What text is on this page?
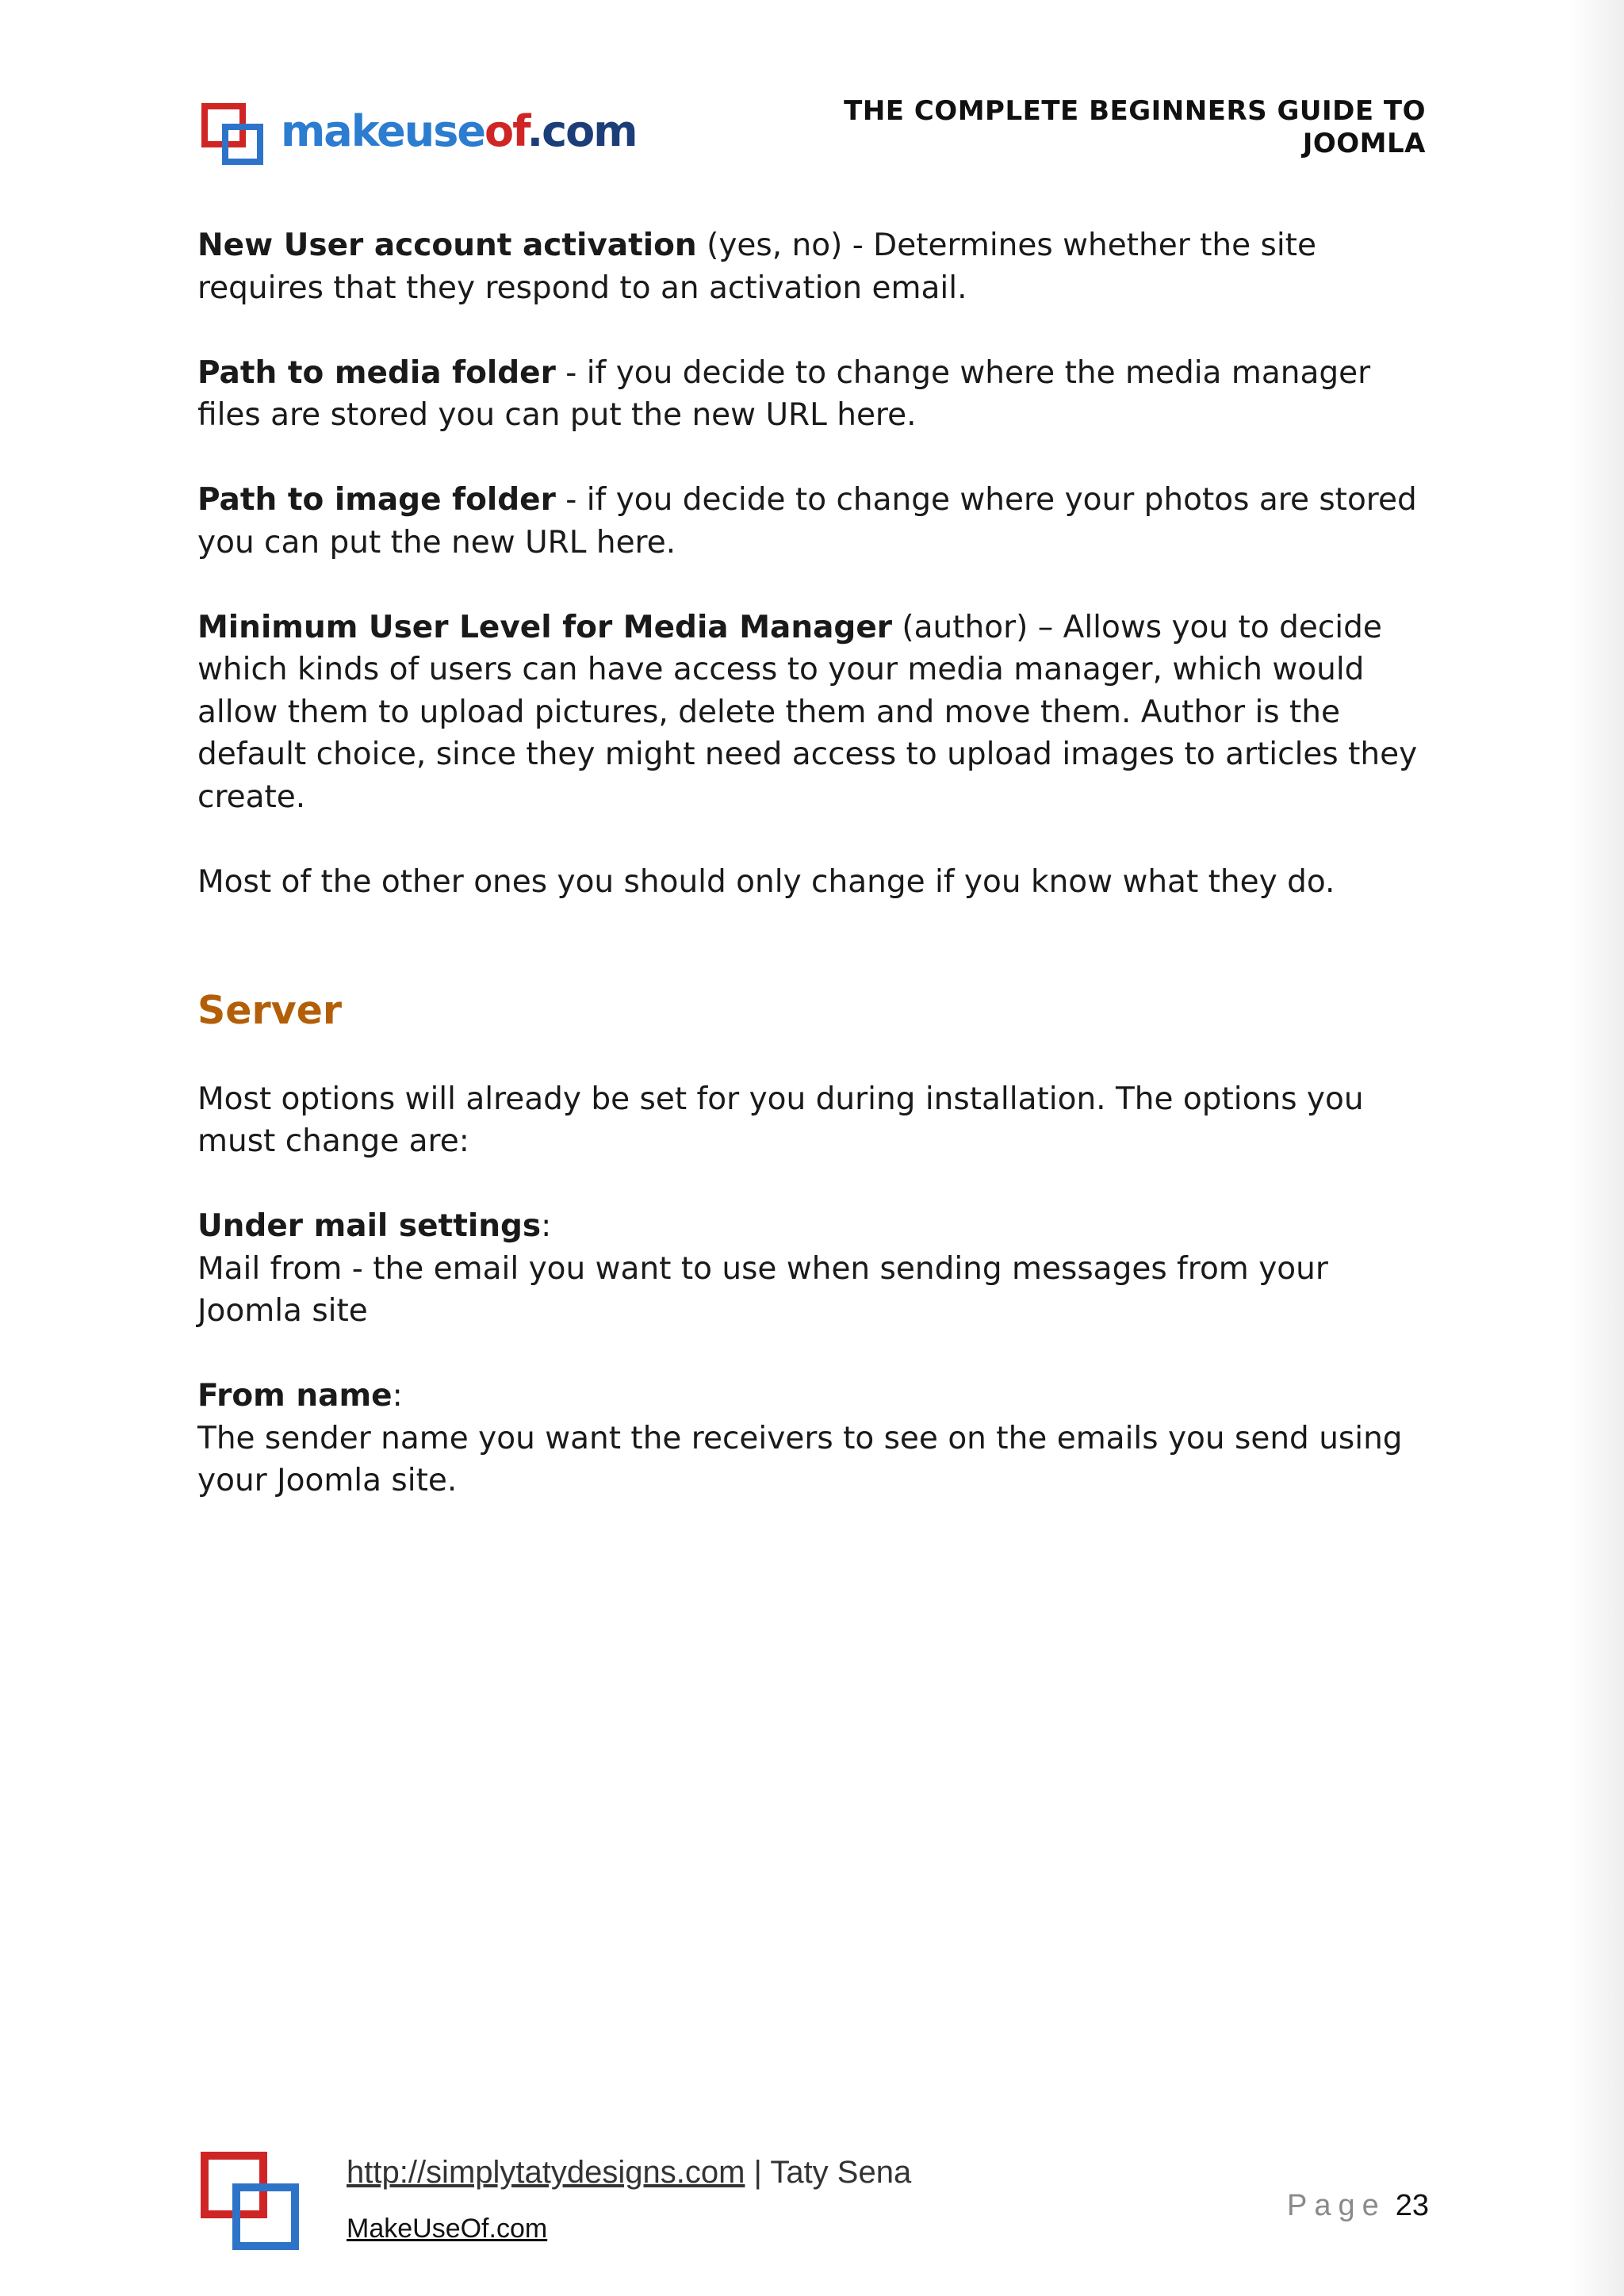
makeuseof.com	THE COMPLETE BEGINNERS GUIDE TO
JOOMLA

New User account activation (yes, no) - Determines whether the site requires that they respond to an activation email.

Path to media folder - if you decide to change where the media manager files are stored you can put the new URL here.

Path to image folder - if you decide to change where your photos are stored you can put the new URL here.

Minimum User Level for Media Manager (author) – Allows you to decide which kinds of users can have access to your media manager, which would allow them to upload pictures, delete them and move them. Author is the default choice, since they might need access to upload images to articles they create.

Most of the other ones you should only change if you know what they do.

Server

Most options will already be set for you during installation. The options you must change are:

Under mail settings:
Mail from - the email you want to use when sending messages from your Joomla site

From name:
The sender name you want the receivers to see on the emails you send using your Joomla site.

http://simplytatydesigns.com | Taty Sena
MakeUseOf.com
Page 23
